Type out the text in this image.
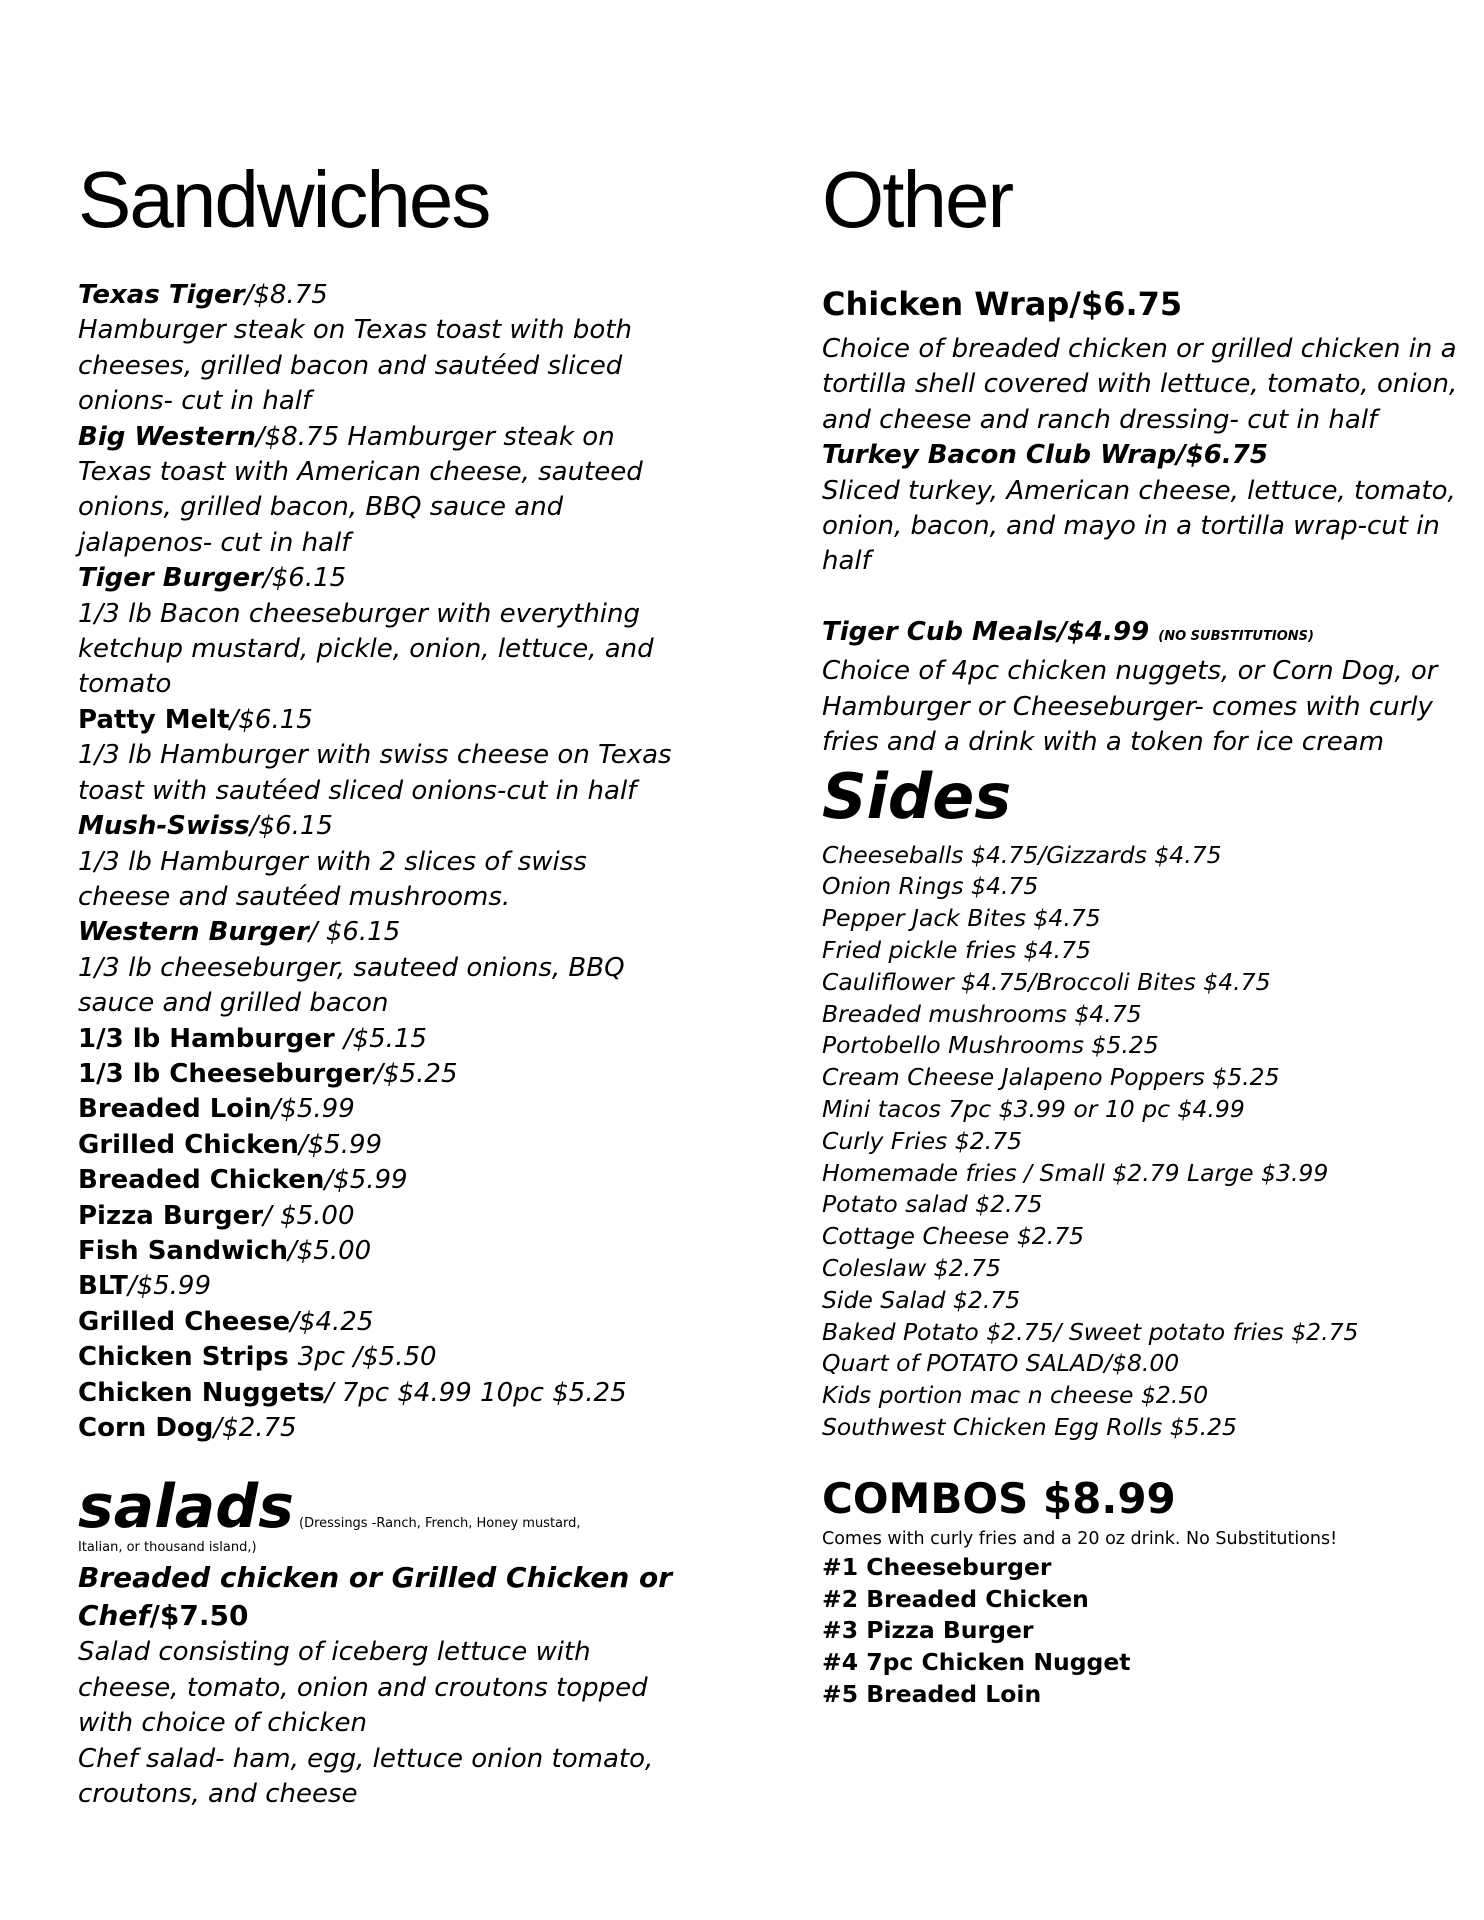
Sandwiches
Texas Tiger/$8.75
Hamburger steak on Texas toast with both cheeses, grilled bacon and sautéed sliced onions- cut in half
Big Western/$8.75 Hamburger steak on Texas toast with American cheese, sauteed onions, grilled bacon, BBQ sauce and jalapenos- cut in half
Tiger Burger/$6.15
1/3 lb Bacon cheeseburger with everything ketchup mustard, pickle, onion, lettuce, and tomato
Patty Melt/$6.15
1/3 lb Hamburger with swiss cheese on Texas toast with sautéed sliced onions-cut in half
Mush-Swiss/$6.15
1/3 lb Hamburger with 2 slices of swiss cheese and sautéed mushrooms.
Western Burger/ $6.15
1/3 lb cheeseburger, sauteed onions, BBQ sauce and grilled bacon
1/3 lb Hamburger /$5.15
1/3 lb Cheeseburger/$5.25
Breaded Loin/$5.99
Grilled Chicken/$5.99
Breaded Chicken/$5.99
Pizza Burger/ $5.00
Fish Sandwich/$5.00
BLT/$5.99
Grilled Cheese/$4.25
Chicken Strips 3pc /$5.50
Chicken Nuggets/ 7pc $4.99 10pc $5.25
Corn Dog/$2.75
salads (Dressings -Ranch, French, Honey mustard,
Italian, or thousand island,)
Breaded chicken or Grilled Chicken or Chef/$7.50
Salad consisting of iceberg lettuce with cheese, tomato, onion and croutons topped with choice of chicken
Chef salad- ham, egg, lettuce onion tomato, croutons, and cheese
Other
Chicken Wrap/$6.75
Choice of breaded chicken or grilled chicken in a tortilla shell covered with lettuce, tomato, onion, and cheese and ranch dressing- cut in half
Turkey Bacon Club Wrap/$6.75
Sliced turkey, American cheese, lettuce, tomato, onion, bacon, and mayo in a tortilla wrap-cut in half
Tiger Cub Meals/$4.99 (NO SUBSTITUTIONS)
Choice of 4pc chicken nuggets, or Corn Dog, or Hamburger or Cheeseburger- comes with curly fries and a drink with a token for ice cream
Sides
Cheeseballs $4.75/Gizzards $4.75
Onion Rings $4.75
Pepper Jack Bites $4.75
Fried pickle fries $4.75
Cauliflower $4.75/Broccoli Bites $4.75
Breaded mushrooms $4.75
Portobello Mushrooms $5.25
Cream Cheese Jalapeno Poppers $5.25
Mini tacos 7pc $3.99 or 10 pc $4.99
Curly Fries $2.75
Homemade fries / Small $2.79 Large $3.99
Potato salad $2.75
Cottage Cheese $2.75
Coleslaw $2.75
Side Salad $2.75
Baked Potato $2.75/ Sweet potato fries $2.75
Quart of POTATO SALAD/$8.00
Kids portion mac n cheese $2.50
Southwest Chicken Egg Rolls $5.25
COMBOS $8.99
Comes with curly fries and a 20 oz drink. No Substitutions!
#1 Cheeseburger
#2 Breaded Chicken
#3 Pizza Burger
#4 7pc Chicken Nugget
#5 Breaded Loin
